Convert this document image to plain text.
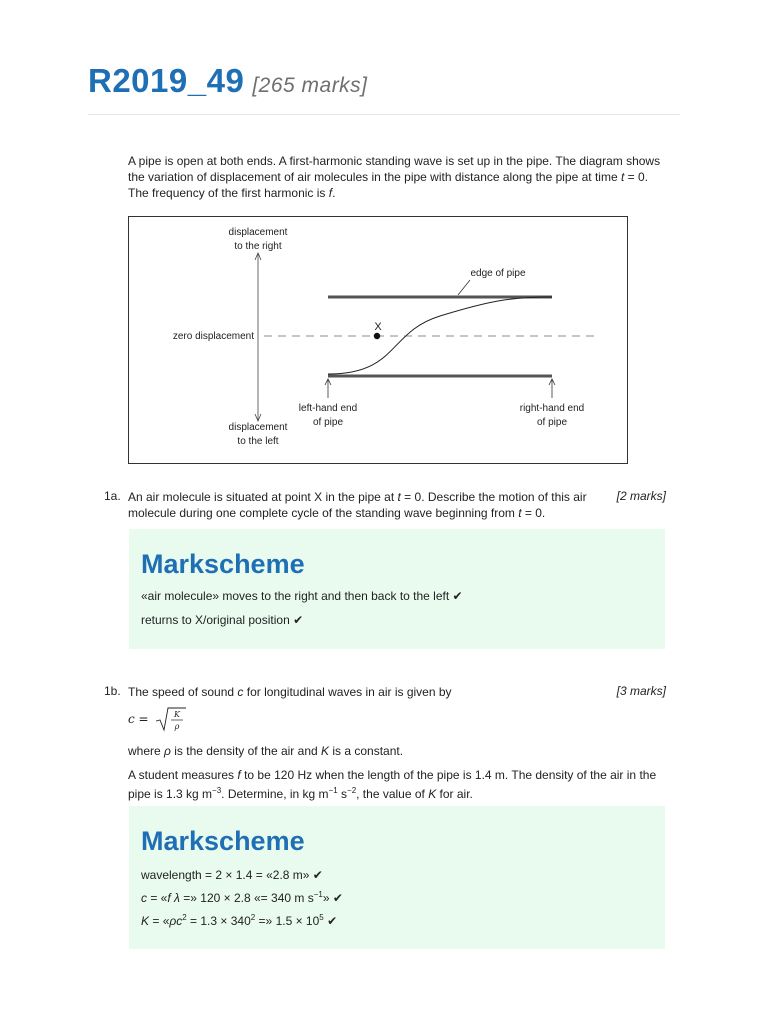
R2019_49 [265 marks]

A pipe is open at both ends. A first-harmonic standing wave is set up in the pipe. The diagram shows the variation of displacement of air molecules in the pipe with distance along the pipe at time t = 0. The frequency of the first harmonic is f.

displacement
to the right
edge of pipe
zero displacement
X
displacement
to the left
left-hand end
of pipe
right-hand end
of pipe
1a. An air molecule is situated at point X in the pipe at t = 0. Describe the motion of this air
molecule during one complete cycle of the standing wave beginning from t = 0.

[2 marks]
Markscheme

«air molecule» moves to the right and then back to the left ✔

returns to X/original position ✔

1b. The speed of sound c for longitudinal waves in air is given by	[3 marks]
c =	K
ρ

where ρ is the density of the air and K is a constant.

A student measures f to be 120 Hz when the length of the pipe is 1.4 m. The density of the air in the pipe is 1.3 kg $m^{-3}$. Determine, in kg $m^{-1}$ $s^{-2}$, the value of K for air.

Markscheme

wavelength = 2 × 1.4 = «2.8 m» ✔

c = «f λ =» 120 × 2.8 «= 340 m $s^{-1}$» ✔

$K = «\rho c^2 = 1.3 \times 340^2$ =» $1.5 \times 10^5$ ✔
